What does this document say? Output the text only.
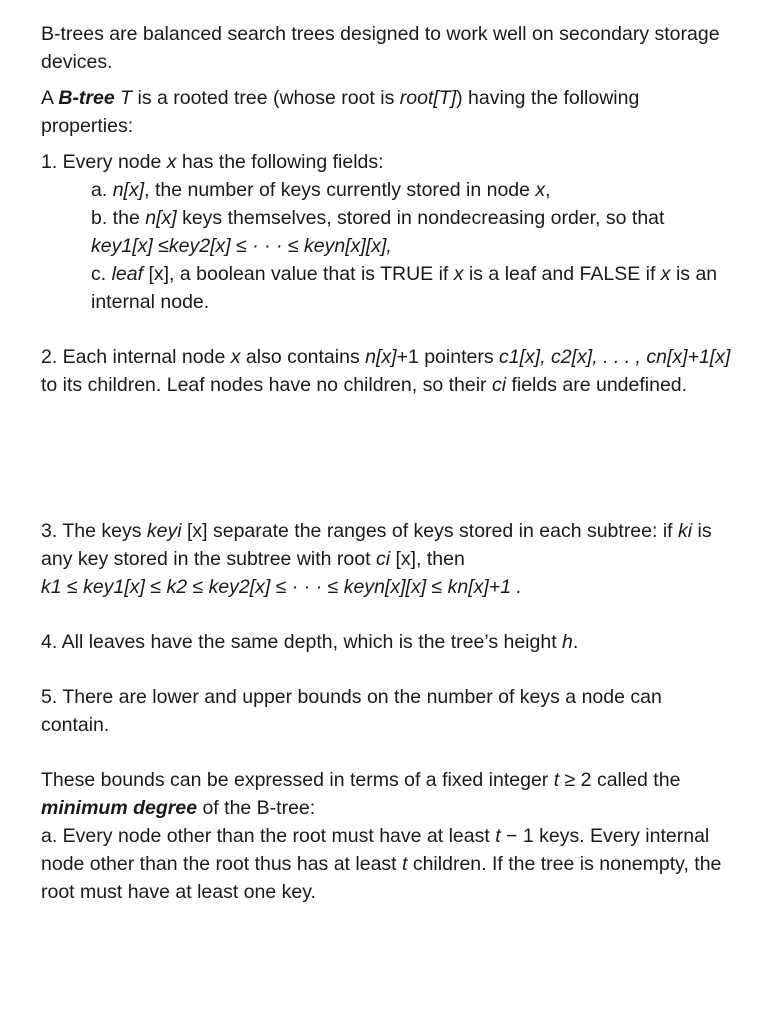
B-trees are balanced search trees designed to work well on secondary storage devices.

A B-tree T is a rooted tree (whose root is root[T]) having the following properties:

1. Every node x has the following fields:

a. n[x], the number of keys currently stored in node x,

b. the n[x] keys themselves, stored in nondecreasing order, so that
key1[x] ≤key2[x] ≤ · · · ≤ keyn[x][x],

c. leaf [x], a boolean value that is TRUE if x is a leaf and FALSE if x is an internal node.

2. Each internal node x also contains n[x]+1 pointers c1[x], c2[x], . . . , cn[x]+1[x] to its children. Leaf nodes have no children, so their ci fields are undefined.

3. The keys keyi [x] separate the ranges of keys stored in each subtree: if ki is any key stored in the subtree with root ci [x], then
k1 ≤ key1[x] ≤ k2 ≤ key2[x] ≤ · · · ≤ keyn[x][x] ≤ kn[x]+1 .

4. All leaves have the same depth, which is the tree’s height h.

5. There are lower and upper bounds on the number of keys a node can contain.

These bounds can be expressed in terms of a fixed integer t ≥ 2 called the
minimum degree of the B-tree:
a. Every node other than the root must have at least t − 1 keys. Every internal node other than the root thus has at least t children. If the tree is nonempty, the root must have at least one key.
